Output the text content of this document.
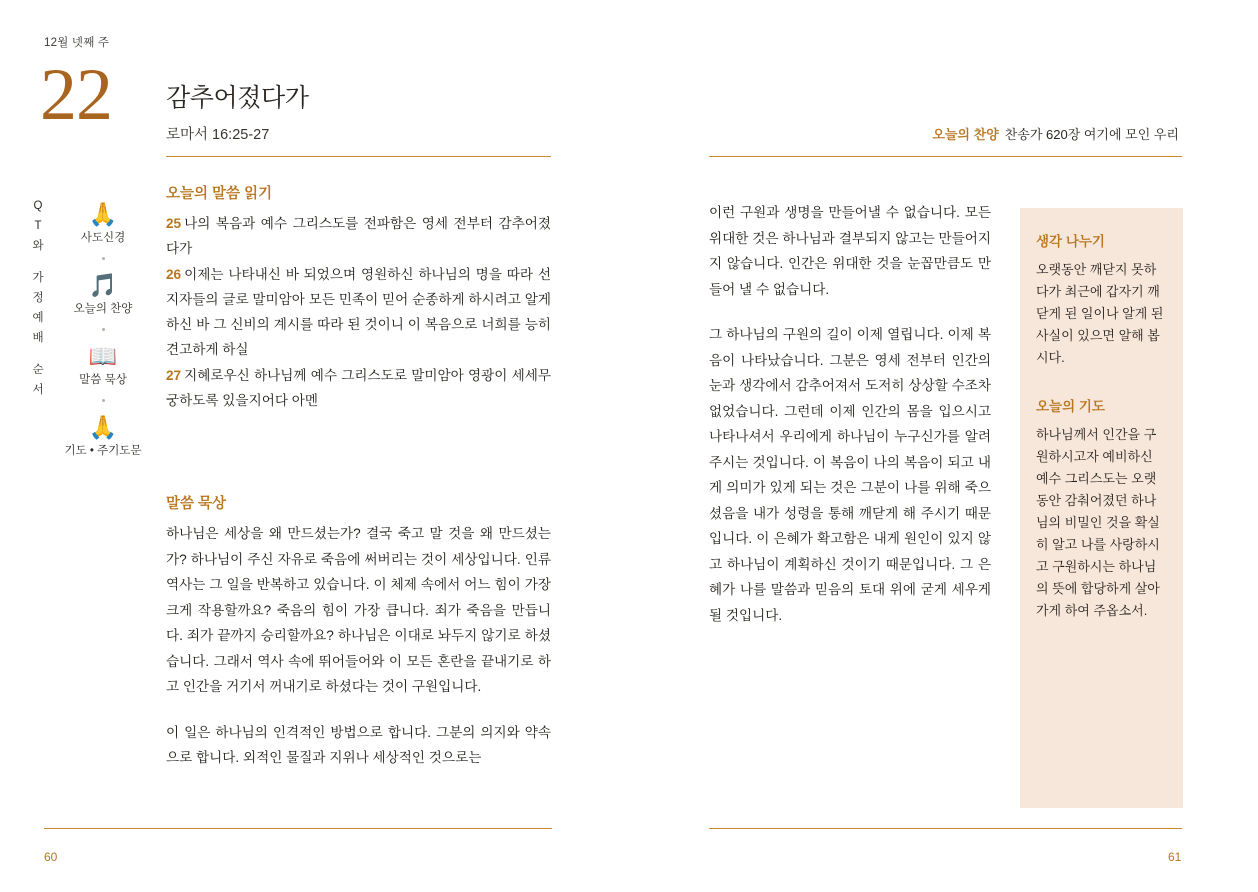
12월 넷째 주
22 감추어졌다가
로마서 16:25-27
Q
T
와
가
정
예
배
순
서
🙏
사도신경
🎵
오늘의 찬양
📖
말씀 묵상
🙏
기도 • 주기도문
오늘의 말씀 읽기

25 나의 복음과 예수 그리스도를 전파함은 영세 전부터 감추어졌다가

26 이제는 나타내신 바 되었으며 영원하신 하나님의 명을 따라 선지자들의 글로 말미암아 모든 민족이 믿어 순종하게 하시려고 알게 하신 바 그 신비의 계시를 따라 된 것이니 이 복음으로 너희를 능히 견고하게 하실

27 지혜로우신 하나님께 예수 그리스도로 말미암아 영광이 세세무궁하도록 있을지어다 아멘

말씀 묵상

하나님은 세상을 왜 만드셨는가? 결국 죽고 말 것을 왜 만드셨는가? 하나님이 주신 자유로 죽음에 써버리는 것이 세상입니다. 인류역사는 그 일을 반복하고 있습니다. 이 체제 속에서 어느 힘이 가장 크게 작용할까요? 죽음의 힘이 가장 큽니다. 죄가 죽음을 만듭니다. 죄가 끝까지 승리할까요? 하나님은 이대로 놔두지 않기로 하셨습니다. 그래서 역사 속에 뛰어들어와 이 모든 혼란을 끝내기로 하고 인간을 거기서 꺼내기로 하셨다는 것이 구원입니다.

이 일은 하나님의 인격적인 방법으로 합니다. 그분의 의지와 약속으로 합니다. 외적인 물질과 지위나 세상적인 것으로는

60
오늘의 찬양 찬송가 620장 여기에 모인 우리

이런 구원과 생명을 만들어낼 수 없습니다. 모든 위대한 것은 하나님과 결부되지 않고는 만들어지지 않습니다. 인간은 위대한 것을 눈꼽만큼도 만들어 낼 수 없습니다.

그 하나님의 구원의 길이 이제 열립니다. 이제 복음이 나타났습니다. 그분은 영세 전부터 인간의 눈과 생각에서 감추어져서 도저히 상상할 수조차 없었습니다. 그런데 이제 인간의 몸을 입으시고 나타나셔서 우리에게 하나님이 누구신가를 알려주시는 것입니다. 이 복음이 나의 복음이 되고 내게 의미가 있게 되는 것은 그분이 나를 위해 죽으셨음을 내가 성령을 통해 깨닫게 해 주시기 때문입니다. 이 은혜가 확고함은 내게 원인이 있지 않고 하나님이 계획하신 것이기 때문입니다. 그 은혜가 나를 말씀과 믿음의 토대 위에 굳게 세우게 될 것입니다.

생각 나누기

오랫동안 깨닫지 못하다가 최근에 갑자기 깨닫게 된 일이나 알게 된 사실이 있으면 알해 봅시다.

오늘의 기도

하나님께서 인간을 구원하시고자 예비하신 예수 그리스도는 오랫동안 감춰어졌던 하나님의 비밀인 것을 확실히 알고 나를 사랑하시고 구원하시는 하나님의 뜻에 합당하게 살아가게 하여 주옵소서.

61
